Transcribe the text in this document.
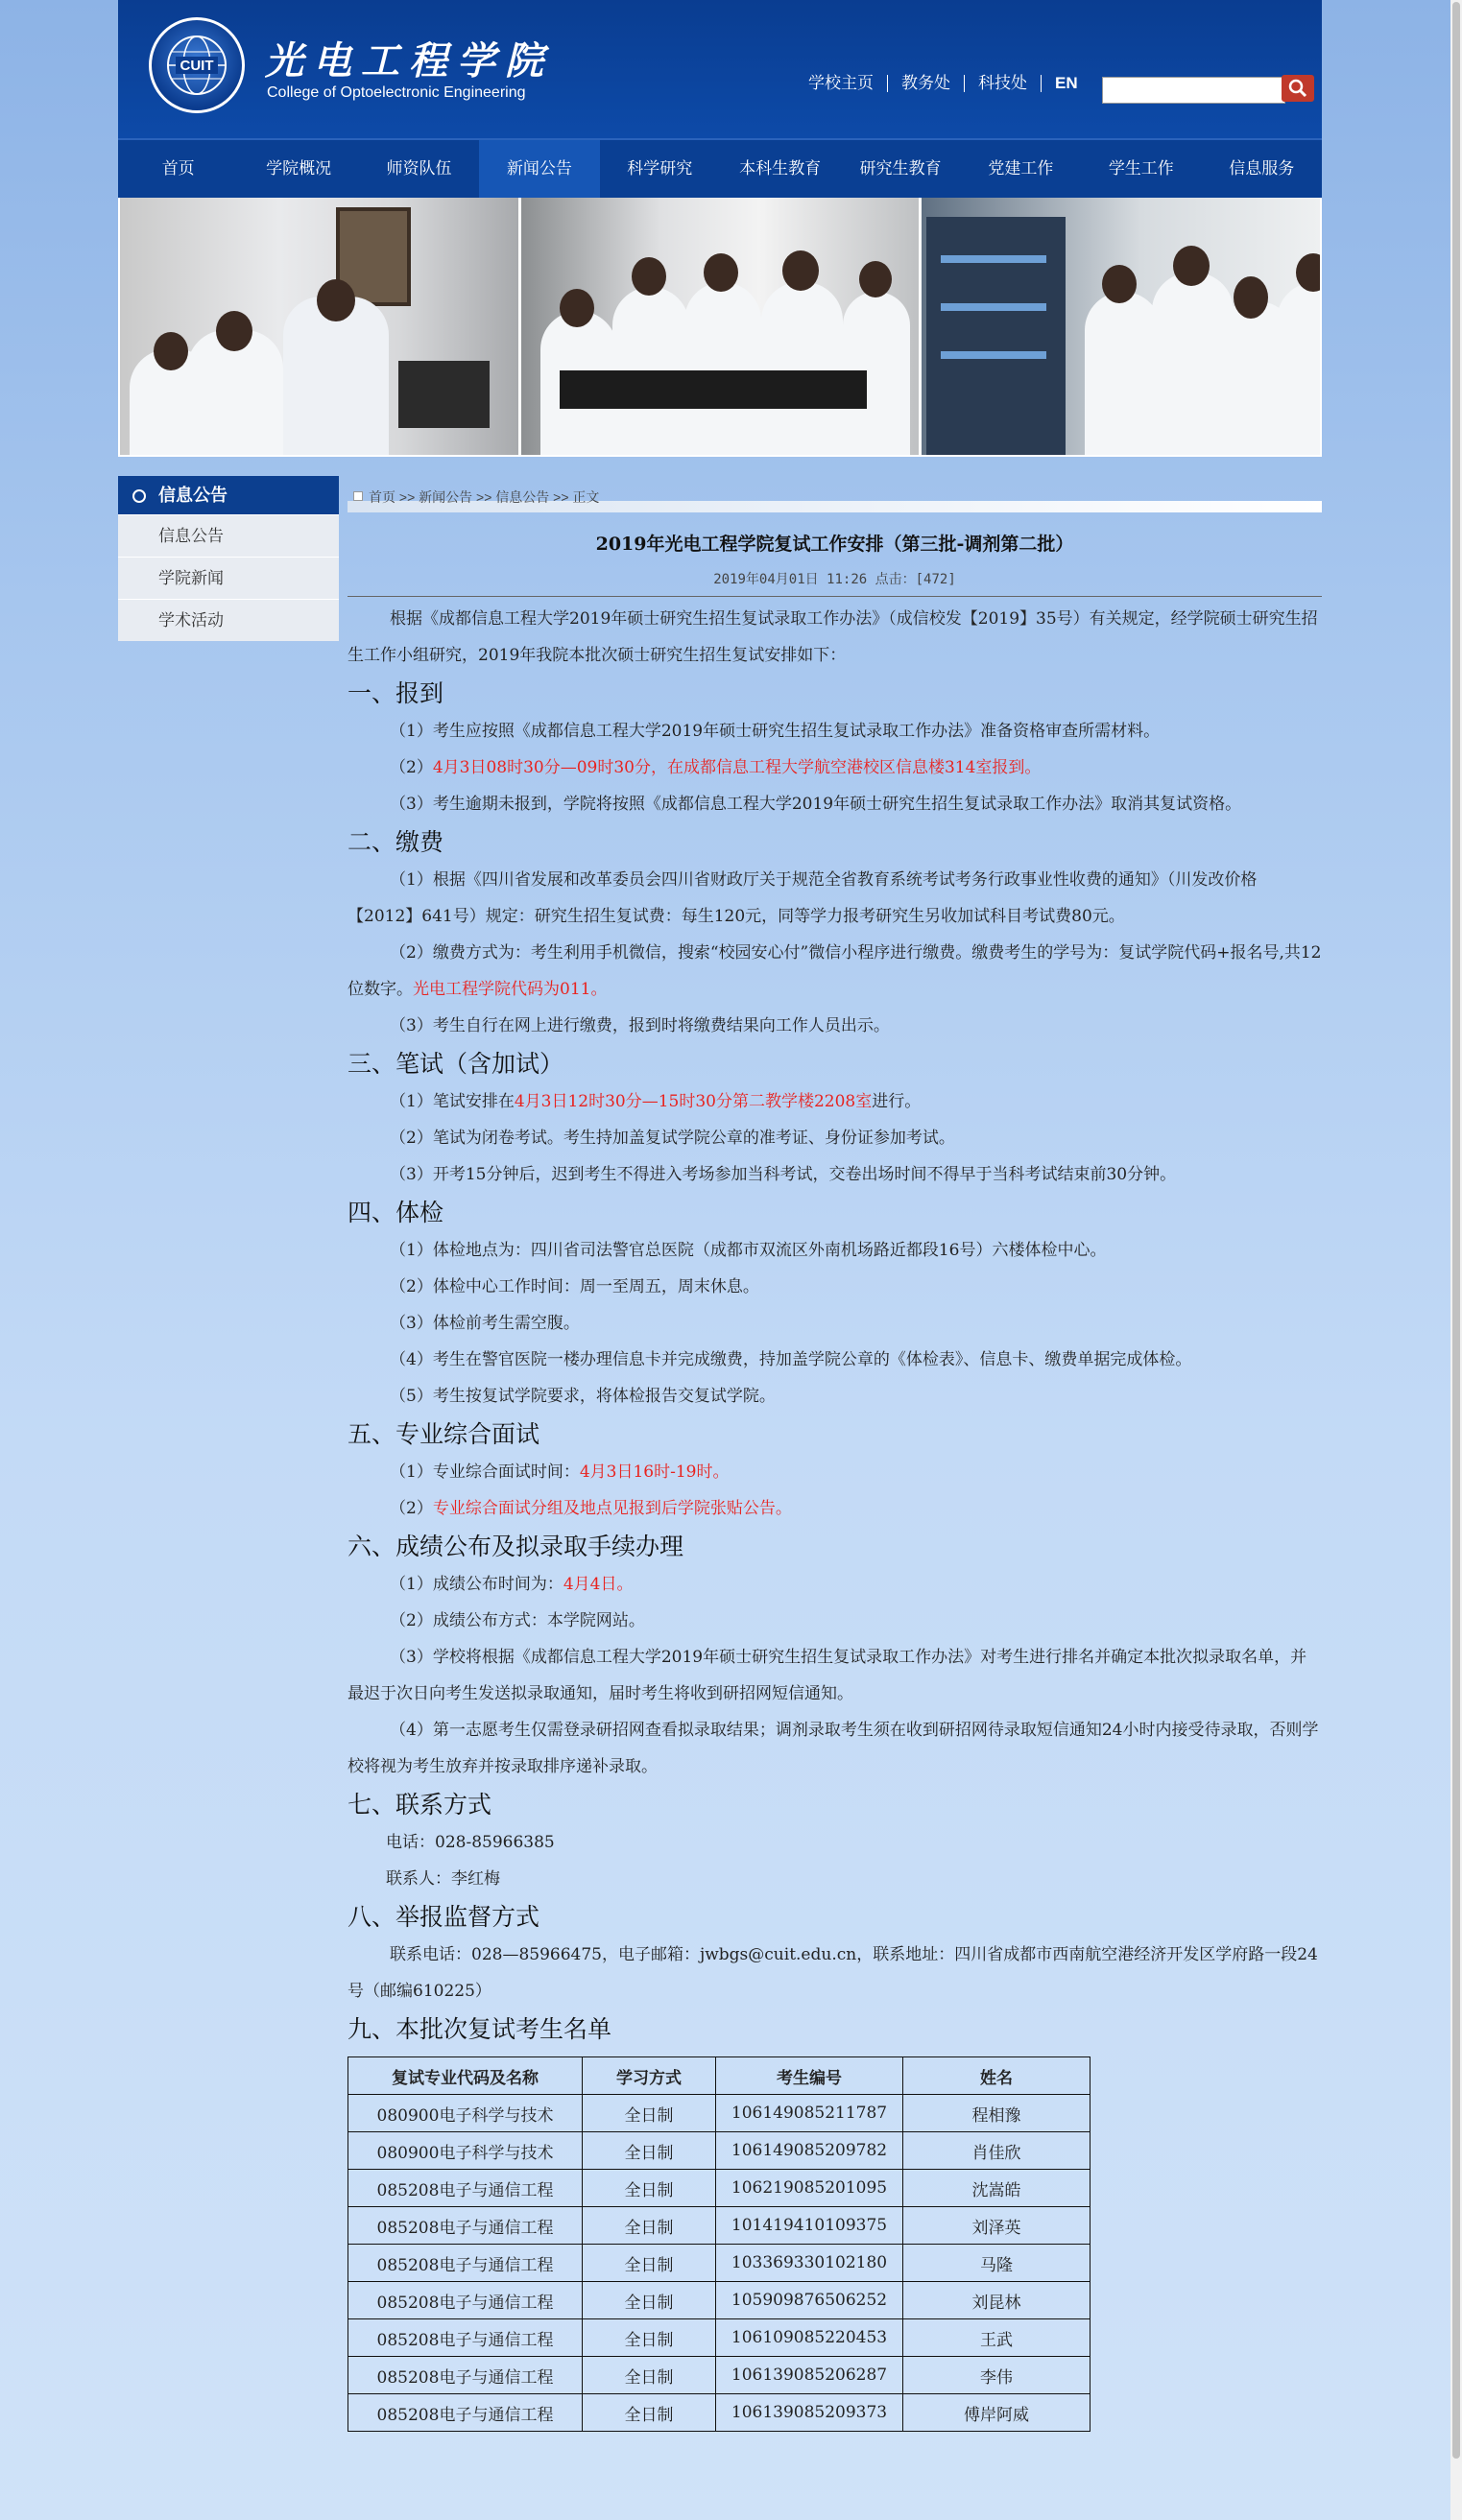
CUIT 光电工程学院
College of Optoelectronic Engineering
学校主页	教务处	科技处	EN
首页	学院概况	师资队伍	新闻公告	科学研究	本科生教育	研究生教育	党建工作	学生工作	信息服务
信息公告
信息公告
学院新闻
学术活动
首页 >> 新闻公告 >> 信息公告 >> 正文
2019年光电工程学院复试工作安排（第三批-调剂第二批）
2019年04月01日 11:26 点击：[472]

根据《成都信息工程大学2019年硕士研究生招生复试录取工作办法》（成信校发【2019】35号）有关规定，经学院硕士研究生招生工作小组研究，2019年我院本批次硕士研究生招生复试安排如下：

一、报到

（1）考生应按照《成都信息工程大学2019年硕士研究生招生复试录取工作办法》准备资格审查所需材料。

（2）4月3日08时30分—09时30分，在成都信息工程大学航空港校区信息楼314室报到。

（3）考生逾期未报到，学院将按照《成都信息工程大学2019年硕士研究生招生复试录取工作办法》取消其复试资格。

二、缴费

（1）根据《四川省发展和改革委员会四川省财政厅关于规范全省教育系统考试考务行政事业性收费的通知》（川发改价格【2012】641号）规定：研究生招生复试费：每生120元，同等学力报考研究生另收加试科目考试费80元。

（2）缴费方式为：考生利用手机微信，搜索“校园安心付”微信小程序进行缴费。缴费考生的学号为：复试学院代码+报名号,共12位数字。光电工程学院代码为011。

（3）考生自行在网上进行缴费，报到时将缴费结果向工作人员出示。

三、笔试（含加试）

（1）笔试安排在4月3日12时30分—15时30分第二教学楼2208室进行。

（2）笔试为闭卷考试。考生持加盖复试学院公章的准考证、身份证参加考试。

（3）开考15分钟后，迟到考生不得进入考场参加当科考试，交卷出场时间不得早于当科考试结束前30分钟。

四、体检

（1）体检地点为：四川省司法警官总医院（成都市双流区外南机场路近都段16号）六楼体检中心。

（2）体检中心工作时间：周一至周五，周末休息。

（3）体检前考生需空腹。

（4）考生在警官医院一楼办理信息卡并完成缴费，持加盖学院公章的《体检表》、信息卡、缴费单据完成体检。

（5）考生按复试学院要求，将体检报告交复试学院。

五、专业综合面试

（1）专业综合面试时间：4月3日16时-19时。

（2）专业综合面试分组及地点见报到后学院张贴公告。

六、成绩公布及拟录取手续办理

（1）成绩公布时间为：4月4日。

（2）成绩公布方式：本学院网站。

（3）学校将根据《成都信息工程大学2019年硕士研究生招生复试录取工作办法》对考生进行排名并确定本批次拟录取名单，并最迟于次日向考生发送拟录取通知，届时考生将收到研招网短信通知。

（4）第一志愿考生仅需登录研招网查看拟录取结果；调剂录取考生须在收到研招网待录取短信通知24小时内接受待录取，否则学校将视为考生放弃并按录取排序递补录取。

七、联系方式

电话：028-85966385

联系人：李红梅

八、举报监督方式

联系电话：028—85966475，电子邮箱：jwbgs@cuit.edu.cn，联系地址：四川省成都市西南航空港经济开发区学府路一段24号（邮编610225）

九、本批次复试考生名单
复试专业代码及名称	学习方式	考生编号	姓名
080900电子科学与技术	全日制	106149085211787	程相豫
080900电子科学与技术	全日制	106149085209782	肖佳欣
085208电子与通信工程	全日制	106219085201095	沈嵩皓
085208电子与通信工程	全日制	101419410109375	刘泽英
085208电子与通信工程	全日制	103369330102180	马隆
085208电子与通信工程	全日制	105909876506252	刘昆林
085208电子与通信工程	全日制	106109085220453	王武
085208电子与通信工程	全日制	106139085206287	李伟
085208电子与通信工程	全日制	106139085209373	傅岸阿威
